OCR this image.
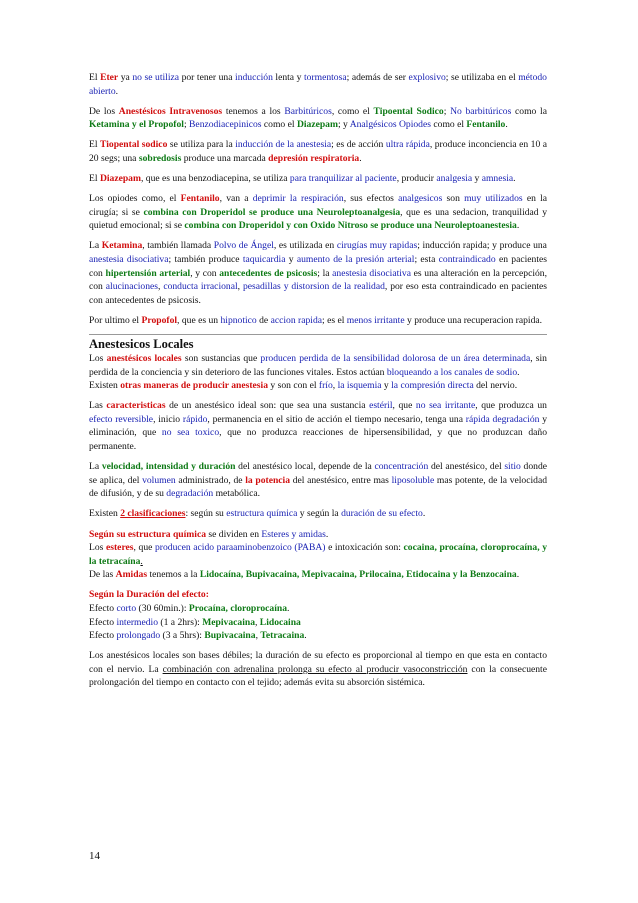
El Eter ya no se utiliza por tener una inducción lenta y tormentosa; además de ser explosivo; se utilizaba en el método abierto.

De los Anestésicos Intravenosos tenemos a los Barbitúricos, como el Tipoental Sodico; No barbitúricos como la Ketamina y el Propofol; Benzodiacepinicos como el Diazepam; y Analgésicos Opiodes como el Fentanilo.

El Tiopental sodico se utiliza para la inducción de la anestesia; es de acción ultra rápida, produce inconciencia en 10 a 20 segs; una sobredosis produce una marcada depresión respiratoria.

El Diazepam, que es una benzodiacepina, se utiliza para tranquilizar al paciente, producir analgesia y amnesia.

Los opiodes como, el Fentanilo, van a deprimir la respiración, sus efectos analgesicos son muy utilizados en la cirugía; si se combina con Droperidol se produce una Neuroleptoanalgesia, que es una sedacion, tranquilidad y quietud emocional; si se combina con Droperidol y con Oxido Nitroso se produce una Neuroleptoanestesia.

La Ketamina, también llamada Polvo de Ángel, es utilizada en cirugías muy rapidas; inducción rapida; y produce una anestesia disociativa; también produce taquicardia y aumento de la presión arterial; esta contraindicado en pacientes con hipertensión arterial, y con antecedentes de psicosis; la anestesia disociativa es una alteración en la percepción, con alucinaciones, conducta irracional, pesadillas y distorsion de la realidad, por eso esta contraindicado en pacientes con antecedentes de psicosis.

Por ultimo el Propofol, que es un hipnotico de accion rapida; es el menos irritante y produce una recuperacion rapida.

Anestesicos Locales

Los anestésicos locales son sustancias que producen perdida de la sensibilidad dolorosa de un área determinada, sin perdida de la conciencia y sin deterioro de las funciones vitales. Estos actúan bloqueando a los canales de sodio.

Existen otras maneras de producir anestesia y son con el frío, la isquemia y la compresión directa del nervio.

Las caracteristicas de un anestésico ideal son: que sea una sustancia estéril, que no sea irritante, que produzca un efecto reversible, inicio rápido, permanencia en el sitio de acción el tiempo necesario, tenga una rápida degradación y eliminación, que no sea toxico, que no produzca reacciones de hipersensibilidad, y que no produzcan daño permanente.

La velocidad, intensidad y duración del anestésico local, depende de la concentración del anestésico, del sitio donde se aplica, del volumen administrado, de la potencia del anestésico, entre mas liposoluble mas potente, de la velocidad de difusión, y de su degradación metabólica.

Existen 2 clasificaciones: según su estructura química y según la duración de su efecto.

Según su estructura química se dividen en Esteres y amidas.
Los esteres, que producen acido paraaminobenzoico (PABA) e intoxicación son: cocaina, procaína, cloroprocaína, y la tetracaína.
De las Amidas tenemos a la Lidocaína, Bupivacaina, Mepivacaina, Prilocaina, Etidocaina y la Benzocaina.

Según la Duración del efecto:
Efecto corto (30 60min.): Procaína, cloroprocaína.
Efecto intermedio (1 a 2hrs): Mepivacaina, Lidocaina
Efecto prolongado (3 a 5hrs): Bupivacaina, Tetracaina.

Los anestésicos locales son bases débiles; la duración de su efecto es proporcional al tiempo en que esta en contacto con el nervio. La combinación con adrenalina prolonga su efecto al producir vasoconstricción con la consecuente prolongación del tiempo en contacto con el tejido; además evita su absorción sistémica.

14
